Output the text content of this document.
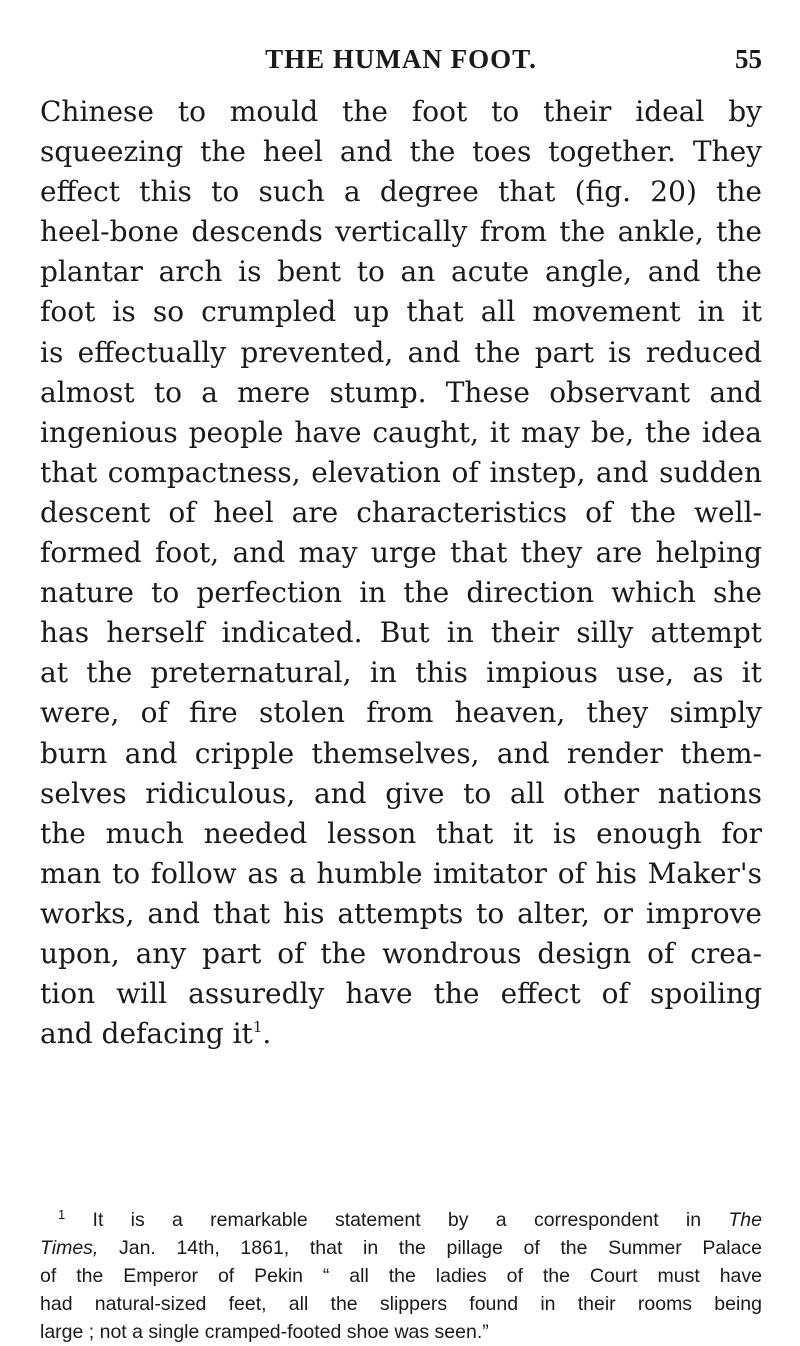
THE HUMAN FOOT.	55
Chinese to mould the foot to their ideal by
squeezing the heel and the toes together. They
effect this to such a degree that (fig. 20) the
heel-bone descends vertically from the ankle, the
plantar arch is bent to an acute angle, and the
foot is so crumpled up that all movement in it
is effectually prevented, and the part is reduced
almost to a mere stump. These observant and
ingenious people have caught, it may be, the idea
that compactness, elevation of instep, and sudden
descent of heel are characteristics of the well-
formed foot, and may urge that they are helping
nature to perfection in the direction which she
has herself indicated. But in their silly attempt
at the preternatural, in this impious use, as it
were, of fire stolen from heaven, they simply
burn and cripple themselves, and render them-
selves ridiculous, and give to all other nations
the much needed lesson that it is enough for
man to follow as a humble imitator of his Maker's
works, and that his attempts to alter, or improve
upon, any part of the wondrous design of crea-
tion will assuredly have the effect of spoiling
and defacing it$^1$.
$^1$ It is a remarkable statement by a correspondent in The
Times, Jan. 14th, 1861, that in the pillage of the Summer Palace
of the Emperor of Pekin “ all the ladies of the Court must have
had natural-sized feet, all the slippers found in their rooms being
large ; not a single cramped-footed shoe was seen.”
